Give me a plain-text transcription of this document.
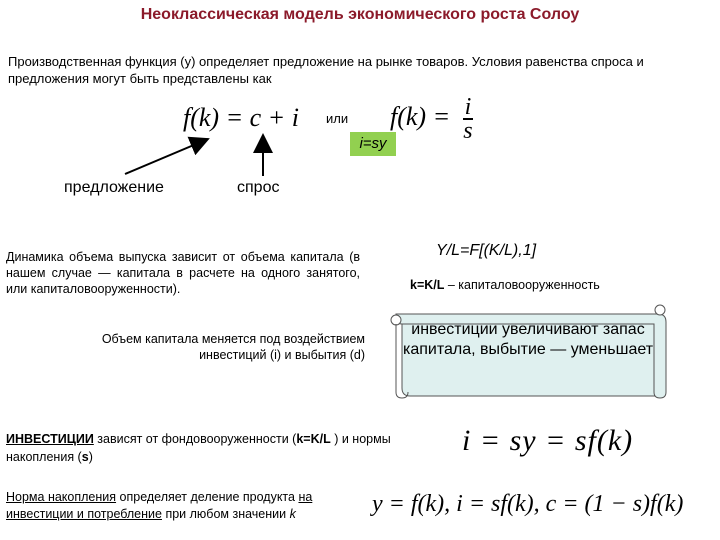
Неоклассическая модель экономического роста Солоу
Производственная функция (y) определяет предложение на рынке товаров. Условия равенства спроса и предложения могут быть представлены как
f(k) = c + i	или $f(k) = \frac{i}{s}$
i=sy
предложение	спрос
Динамика объема выпуска зависит от объема капитала (в нашем случае — капитала в расчете на одного занятого, или капиталовооруженности).
Y/L=F[(K/L),1]
k=K/L – капиталовооруженность
Объем капитала меняется под воздействием инвестиций (i) и выбытия (d)
инвестиции увеличивают запас капитала, выбытие — уменьшает
ИНВЕСТИЦИИ зависят от фондовооруженности (k=K/L ) и нормы накопления (s)	i = sy = sf(k)
Норма накопления определяет деление продукта на инвестиции и потребление при любом значении k	y = f(k), i = sf(k), c = (1 − s)f(k)
